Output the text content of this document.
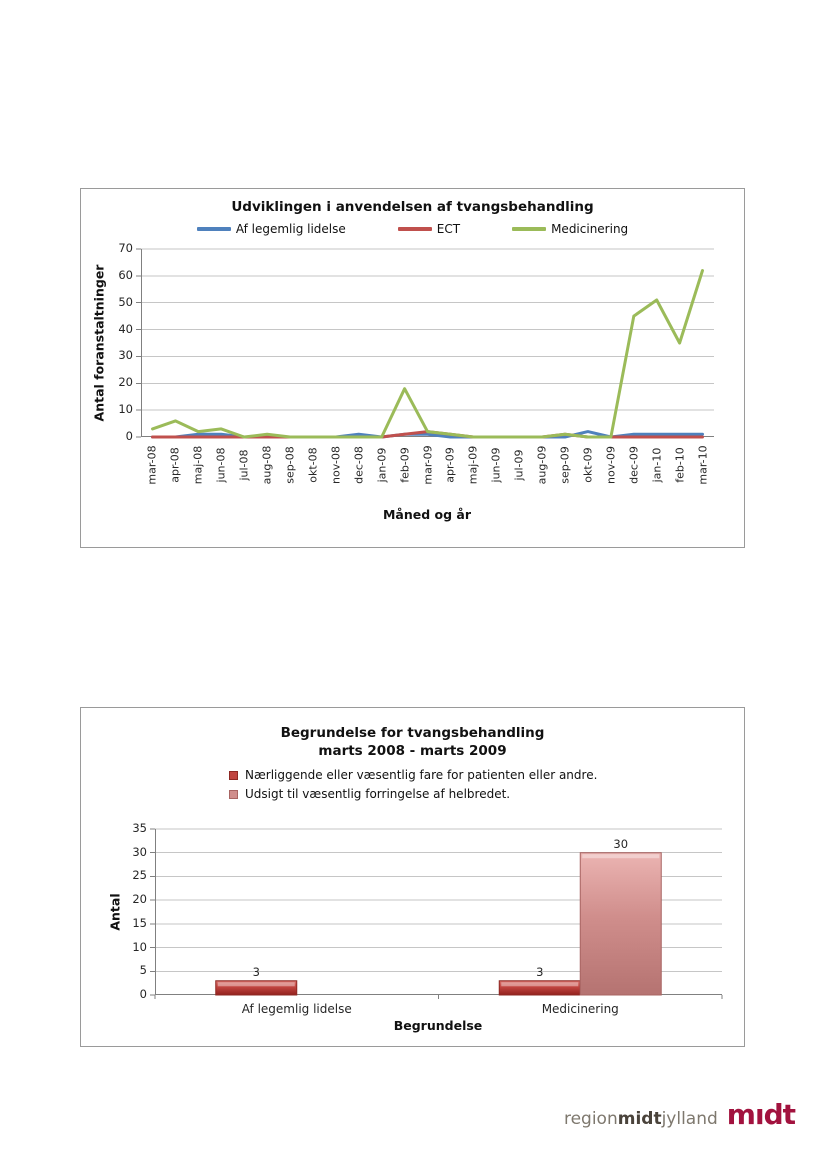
Udviklingen i anvendelsen af tvangsbehandling
Af legemlig lidelse	ECT	Medicinering
Antal foranstaltninger
Måned og år
0
10
20
30
40
50
60
70
mar-08 apr-08 maj-08 jun-08 jul-08 aug-08 sep-08 okt-08 nov-08 dec-08 jan-09 feb-09 mar-09 apr-09 maj-09 jun-09 jul-09 aug-09 sep-09 okt-09 nov-09 dec-09 jan-10 feb-10 mar-10
Begrundelse for tvangsbehandling
marts 2008 - marts 2009
Nærliggende eller væsentlig fare for patienten eller andre.
Udsigt til væsentlig forringelse af helbredet.
Antal
Begrundelse
3
Af legemlig lidelse
3
30
Medicinering
0
5
10
15
20
25
30
35
region midt jylland mıdt
